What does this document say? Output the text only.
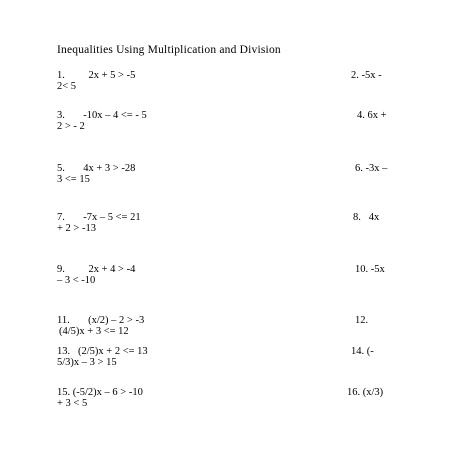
Inequalities Using Multiplication and Division
1.         2x + 5 > -5	2. -5x -
2< 5
3.       -10x – 4 <= - 5	4. 6x +
2 > - 2
5.       4x + 3 > -28	6. -3x –
3 <= 15
7.       -7x – 5 <= 21	8.   4x
+ 2 > -13
9.         2x + 4 > -4	10. -5x
– 3 < -10
11.       (x/2) – 2 > -3	12.
(4/5)x + 3 <= 12
13.   (2/5)x + 2 <= 13	14. (-
5/3)x – 3 > 15
15. (-5/2)x – 6 > -10	16. (x/3)
+ 3 < 5
